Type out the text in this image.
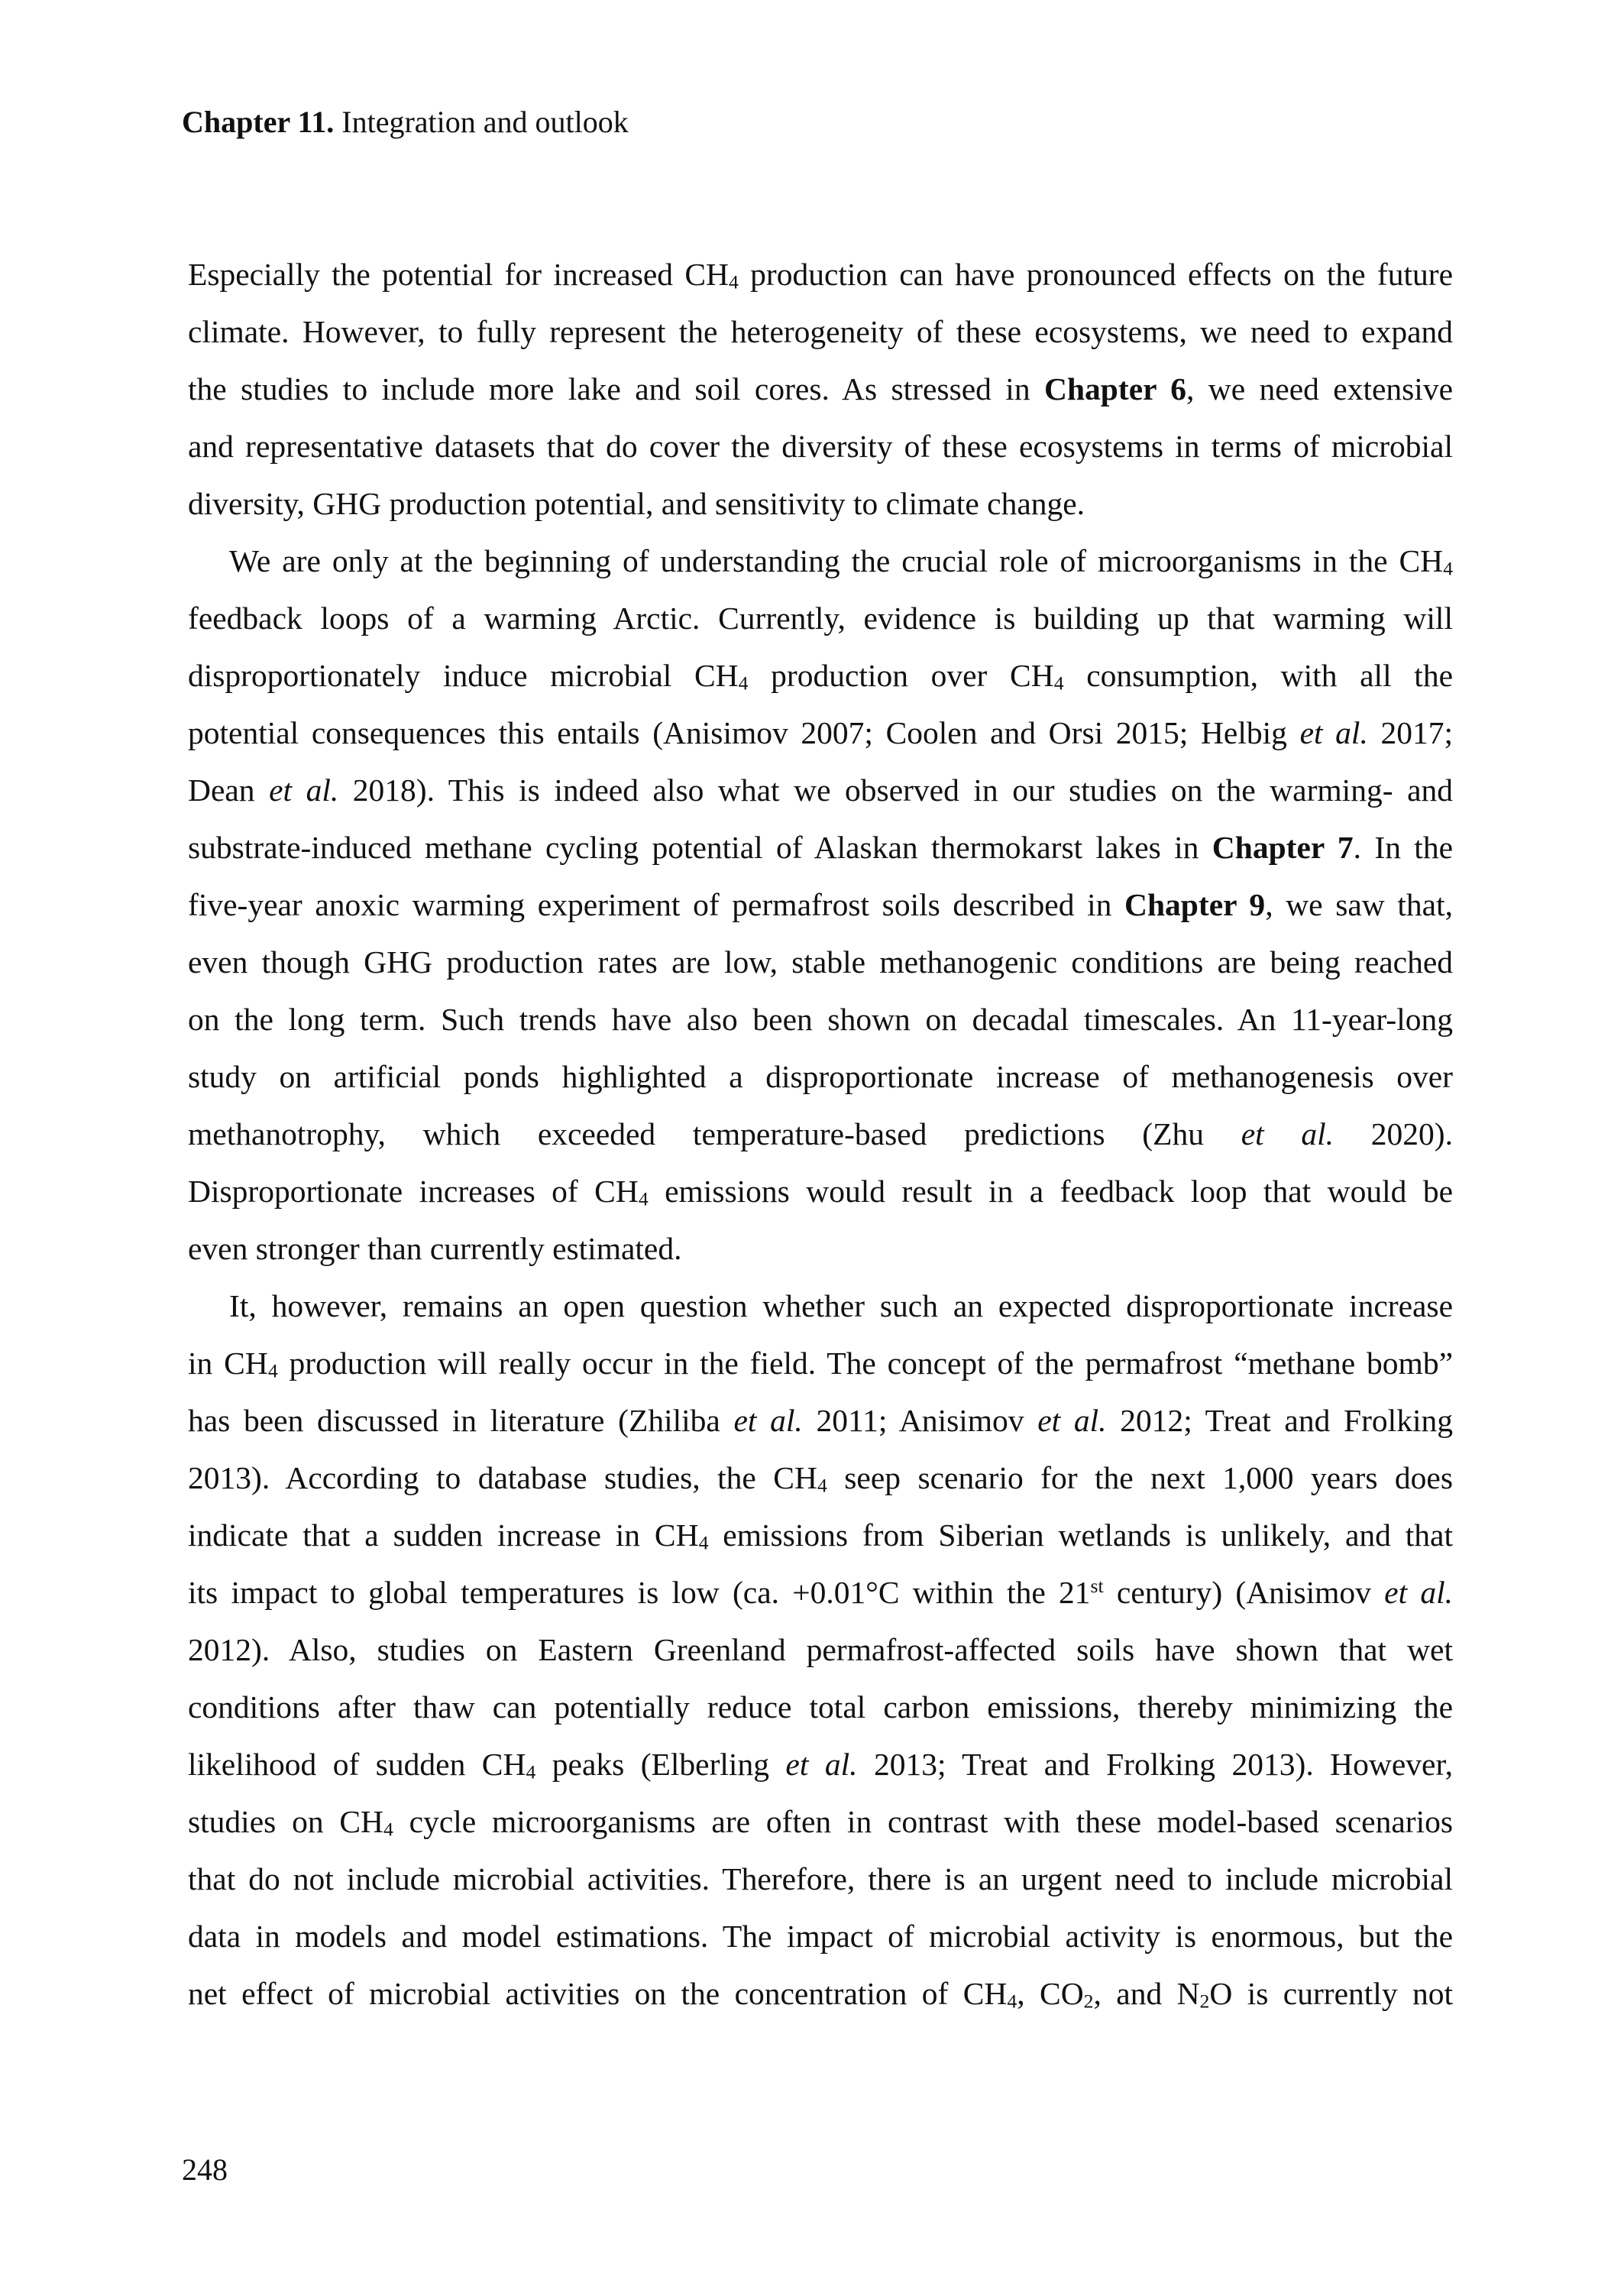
Chapter 11. Integration and outlook

Especially the potential for increased $CH_4$ production can have pronounced effects on the future
climate. However, to fully represent the heterogeneity of these ecosystems, we need to expand
the studies to include more lake and soil cores. As stressed in Chapter 6, we need extensive
and representative datasets that do cover the diversity of these ecosystems in terms of microbial
diversity, GHG production potential, and sensitivity to climate change.

We are only at the beginning of understanding the crucial role of microorganisms in the $CH_4$
feedback loops of a warming Arctic. Currently, evidence is building up that warming will
disproportionately induce microbial $CH_4$ production over $CH_4$ consumption, with all the
potential consequences this entails (Anisimov 2007; Coolen and Orsi 2015; Helbig et al. 2017;
Dean et al. 2018). This is indeed also what we observed in our studies on the warming- and
substrate-induced methane cycling potential of Alaskan thermokarst lakes in Chapter 7. In the
five-year anoxic warming experiment of permafrost soils described in Chapter 9, we saw that,
even though GHG production rates are low, stable methanogenic conditions are being reached
on the long term. Such trends have also been shown on decadal timescales. An 11-year-long
study on artificial ponds highlighted a disproportionate increase of methanogenesis over
methanotrophy, which exceeded temperature-based predictions (Zhu et al. 2020).
Disproportionate increases of $CH_4$ emissions would result in a feedback loop that would be
even stronger than currently estimated.

It, however, remains an open question whether such an expected disproportionate increase
in $CH_4$ production will really occur in the field. The concept of the permafrost “methane bomb”
has been discussed in literature (Zhiliba et al. 2011; Anisimov et al. 2012; Treat and Frolking
2013). According to database studies, the $CH_4$ seep scenario for the next 1,000 years does
indicate that a sudden increase in $CH_4$ emissions from Siberian wetlands is unlikely, and that
its impact to global temperatures is low (ca. +0.01°C within the 21st century) (Anisimov et al.
2012). Also, studies on Eastern Greenland permafrost-affected soils have shown that wet
conditions after thaw can potentially reduce total carbon emissions, thereby minimizing the
likelihood of sudden $CH_4$ peaks (Elberling et al. 2013; Treat and Frolking 2013). However,
studies on $CH_4$ cycle microorganisms are often in contrast with these model-based scenarios
that do not include microbial activities. Therefore, there is an urgent need to include microbial
data in models and model estimations. The impact of microbial activity is enormous, but the
net effect of microbial activities on the concentration of $CH_4$, $CO_2$, and $N_2O$ is currently not

248
